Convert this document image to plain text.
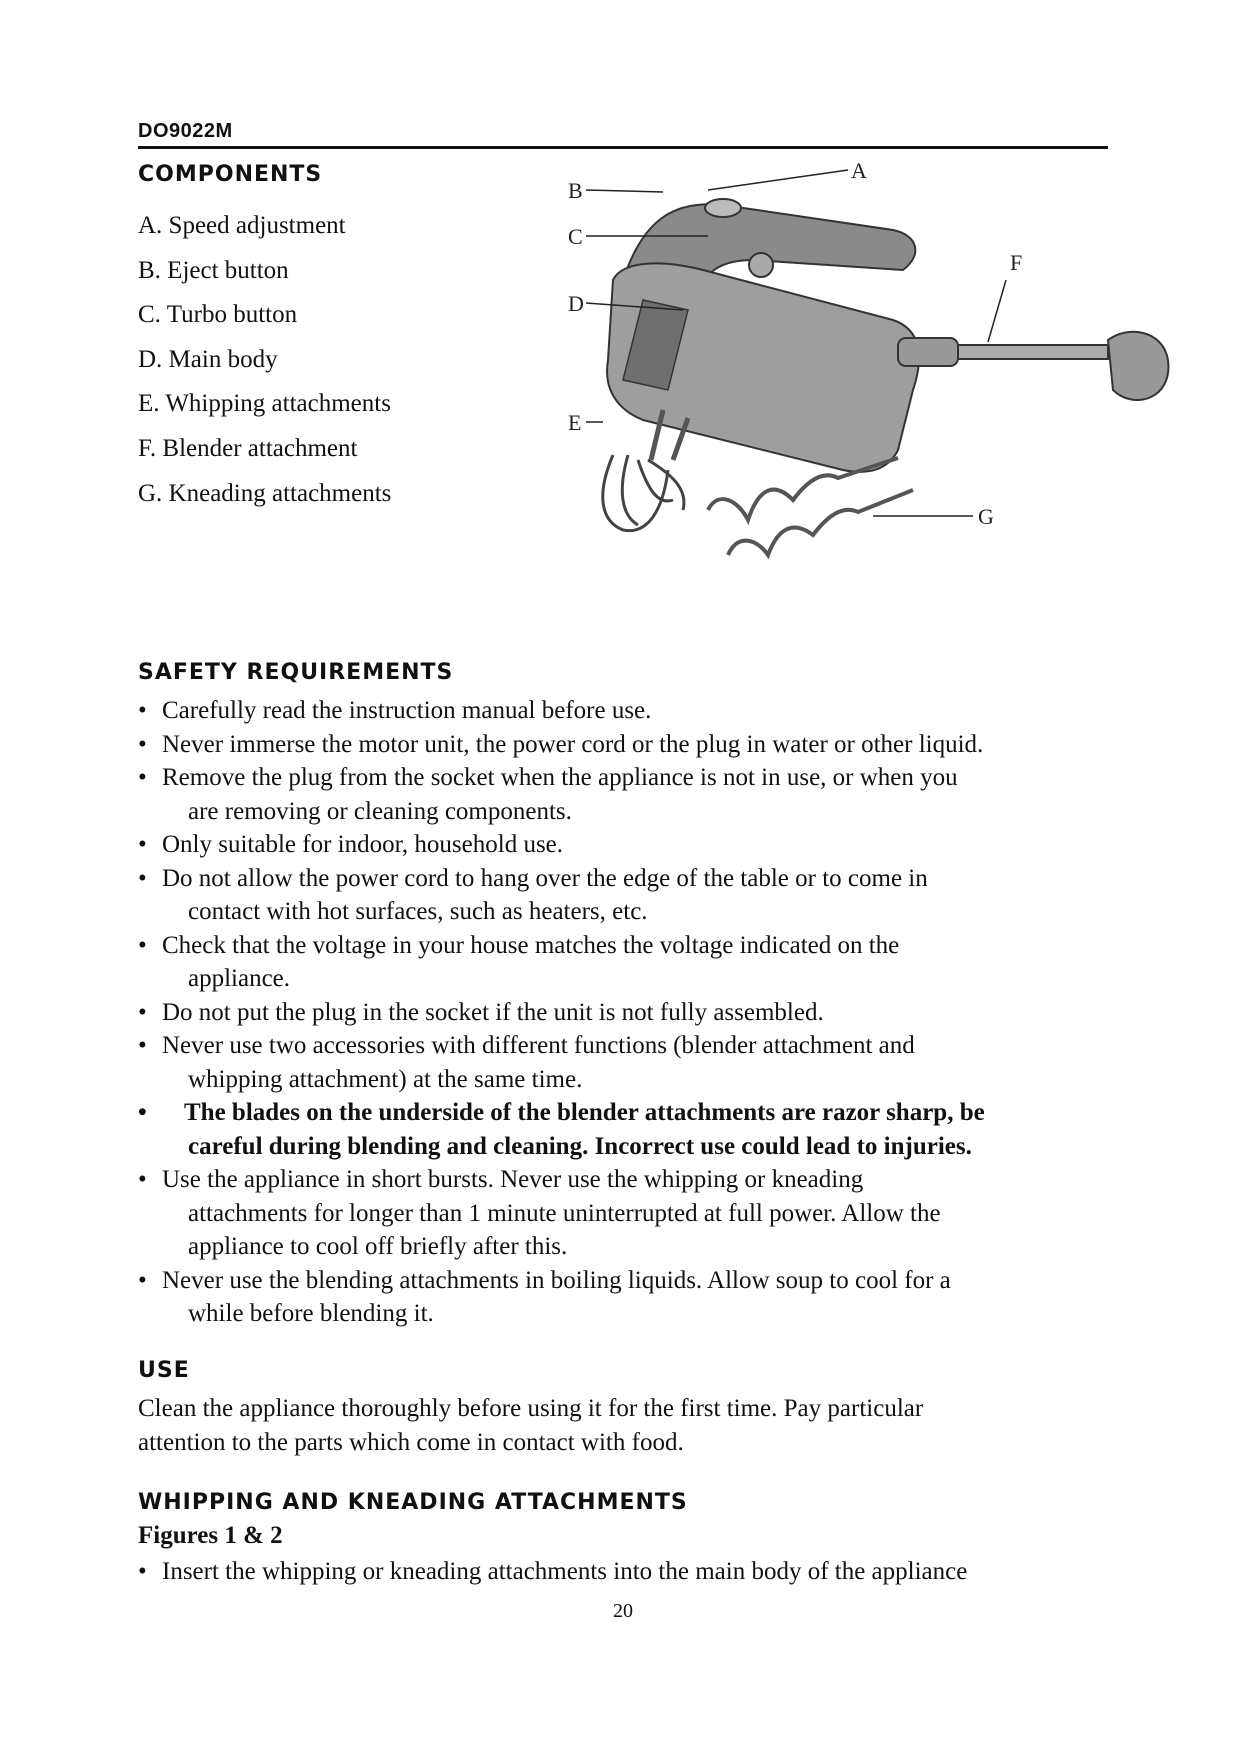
DO9022M
COMPONENTS
A. Speed adjustment
B. Eject button
C. Turbo button
D. Main body
E. Whipping attachments
F. Blender attachment
G. Kneading attachments
A
B
C
D
E
F
G
SAFETY REQUIREMENTS
• Carefully read the instruction manual before use.
• Never immerse the motor unit, the power cord or the plug in water or other liquid.
• Remove the plug from the socket when the appliance is not in use, or when you
are removing or cleaning components.
• Only suitable for indoor, household use.
• Do not allow the power cord to hang over the edge of the table or to come in
contact with hot surfaces, such as heaters, etc.
• Check that the voltage in your house matches the voltage indicated on the
appliance.
• Do not put the plug in the socket if the unit is not fully assembled.
• Never use two accessories with different functions (blender attachment and
whipping attachment) at the same time.
• The blades on the underside of the blender attachments are razor sharp, be
careful during blending and cleaning. Incorrect use could lead to injuries.
• Use the appliance in short bursts. Never use the whipping or kneading
attachments for longer than 1 minute uninterrupted at full power. Allow the
appliance to cool off briefly after this.
• Never use the blending attachments in boiling liquids. Allow soup to cool for a
while before blending it.
USE

Clean the appliance thoroughly before using it for the first time. Pay particular
attention to the parts which come in contact with food.

WHIPPING AND KNEADING ATTACHMENTS
Figures 1 & 2
• Insert the whipping or kneading attachments into the main body of the appliance
20
